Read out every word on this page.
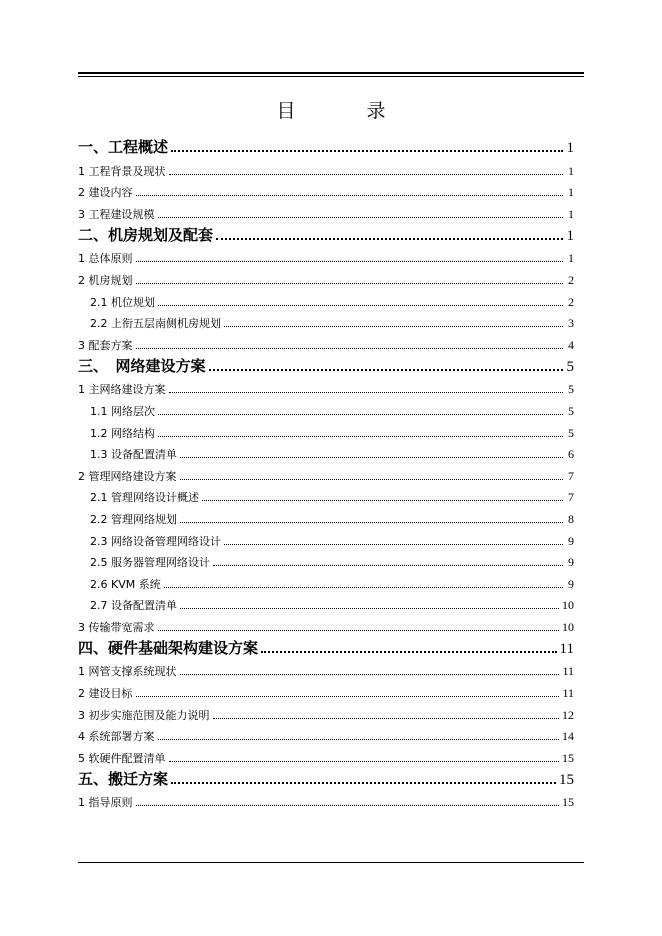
目　录
一、工程概述	1
1 工程背景及现状	1
2 建设内容	1
3 工程建设规模	1
二、机房规划及配套	1
1 总体原则	1
2 机房规划	2
2.1 机位规划	2
2.2 上衔五层南侧机房规划	3
3 配套方案	4
三、　网络建设方案	5
1 主网络建设方案	5
1.1 网络层次	5
1.2 网络结构	5
1.3 设备配置清单	6
2 管理网络建设方案	7
2.1 管理网络设计概述	7
2.2 管理网络规划	8
2.3 网络设备管理网络设计	9
2.5 服务器管理网络设计	9
2.6 KVM 系统	9
2.7 设备配置清单	10
3 传输带宽需求	10
四、硬件基础架构建设方案	11
1 网管支撑系统现状	11
2 建设目标	11
3 初步实施范围及能力说明	12
4 系统部署方案	14
5 软硬件配置清单	15
五、搬迁方案	15
1 指导原则	15
